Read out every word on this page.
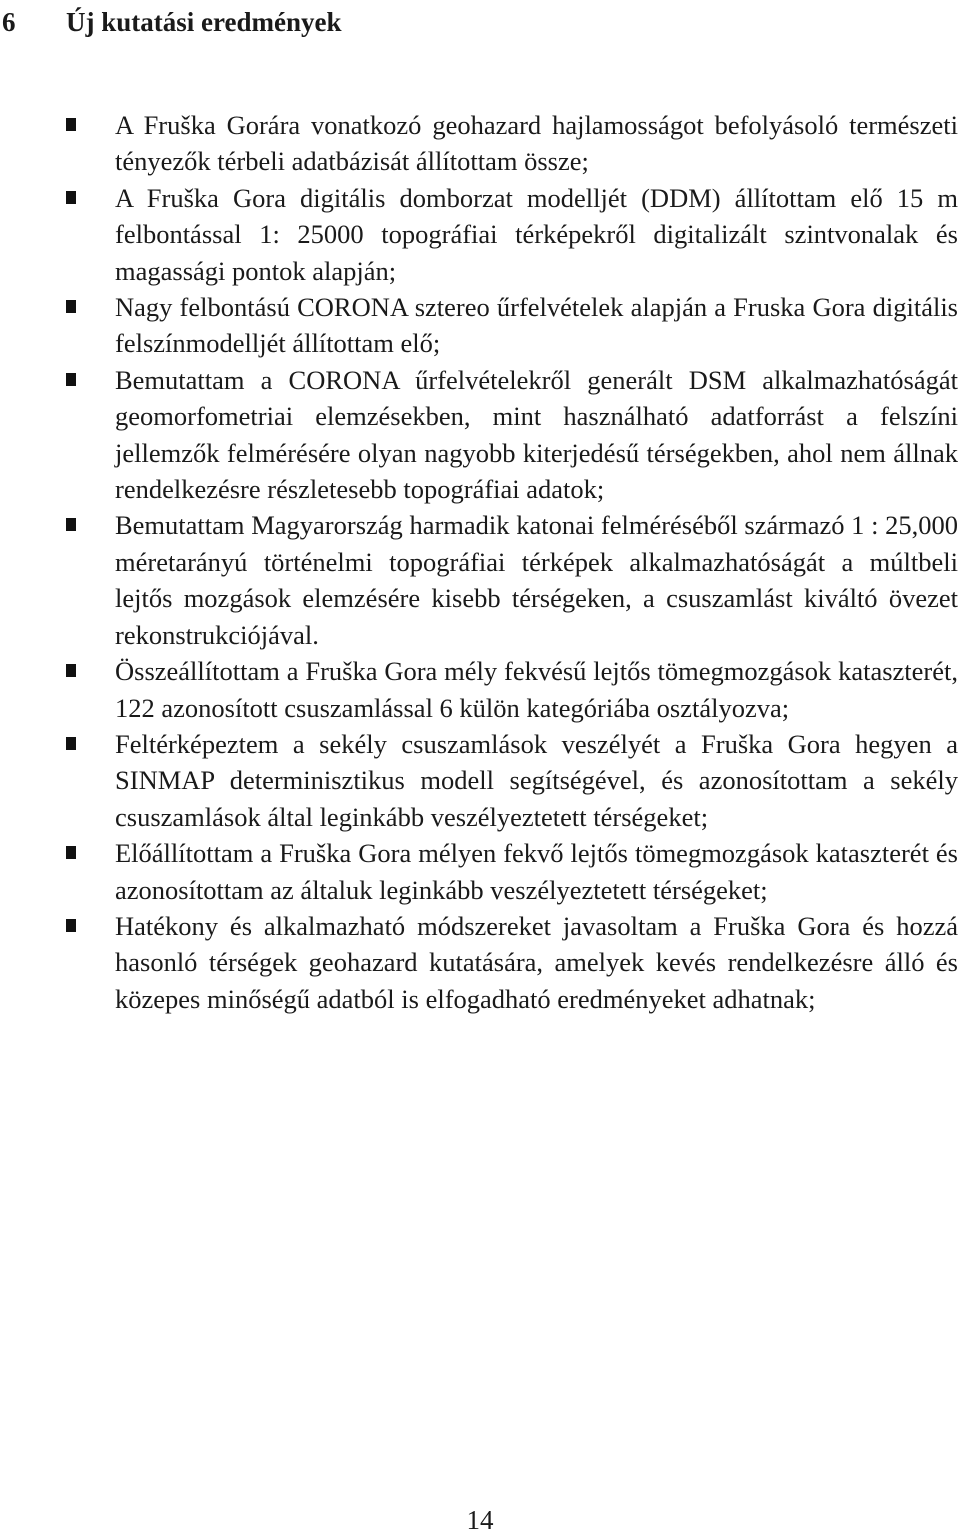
6 Új kutatási eredmények
A Fruška Gorára vonatkozó geohazard hajlamosságot befolyásoló természeti tényezők térbeli adatbázisát állítottam össze;
A Fruška Gora digitális domborzat modelljét (DDM) állítottam elő 15 m felbontással 1: 25000 topográfiai térképekről digitalizált szintvonalak és magassági pontok alapján;
Nagy felbontású CORONA sztereo űrfelvételek alapján a Fruska Gora digitális felszínmodelljét állítottam elő;
Bemutattam a CORONA űrfelvételekről generált DSM alkalmazhatóságát geomorfometriai elemzésekben, mint használható adatforrást a felszíni jellemzők felmérésére olyan nagyobb kiterjedésű térségekben, ahol nem állnak rendelkezésre részletesebb topográfiai adatok;
Bemutattam Magyarország harmadik katonai felméréséből származó 1 : 25,000 méretarányú történelmi topográfiai térképek alkalmazhatóságát a múltbeli lejtős mozgások elemzésére kisebb térségeken, a csuszamlást kiváltó övezet rekonstrukciójával.
Összeállítottam a Fruška Gora mély fekvésű lejtős tömegmozgások kataszterét, 122 azonosított csuszamlással 6 külön kategóriába osztályozva;
Feltérképeztem a sekély csuszamlások veszélyét a Fruška Gora hegyen a SINMAP determinisztikus modell segítségével, és azonosítottam a sekély csuszamlások által leginkább veszélyeztetett térségeket;
Előállítottam a Fruška Gora mélyen fekvő lejtős tömegmozgások kataszterét és azonosítottam az általuk leginkább veszélyeztetett térségeket;
Hatékony és alkalmazható módszereket javasoltam a Fruška Gora és hozzá hasonló térségek geohazard kutatására, amelyek kevés rendelkezésre álló és közepes minőségű adatból is elfogadható eredményeket adhatnak;
14
